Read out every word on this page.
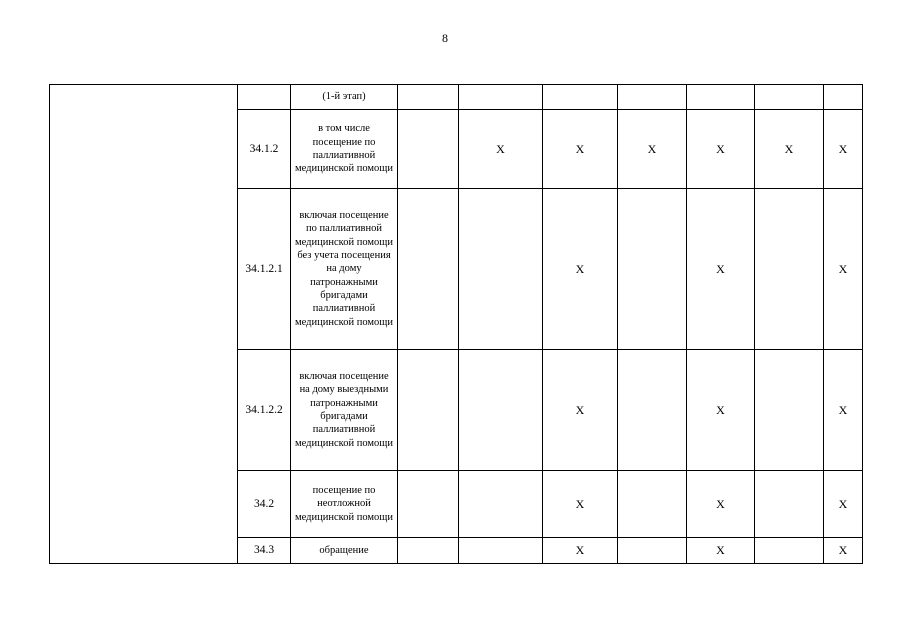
8
		(1-й этап)							
	34.1.2	в том числе посещение по паллиативной медицинской помощи		X	X	X	X	X	X
	34.1.2.1	включая посещение по паллиативной медицинской помощи без учета посещения на дому патронажными бригадами паллиативной медицинской помощи			X		X		X
	34.1.2.2	включая посещение на дому выездными патронажными бригадами паллиативной медицинской помощи			X		X		X
	34.2	посещение по неотложной медицинской помощи			X		X		X
	34.3	обращение			X		X		X
